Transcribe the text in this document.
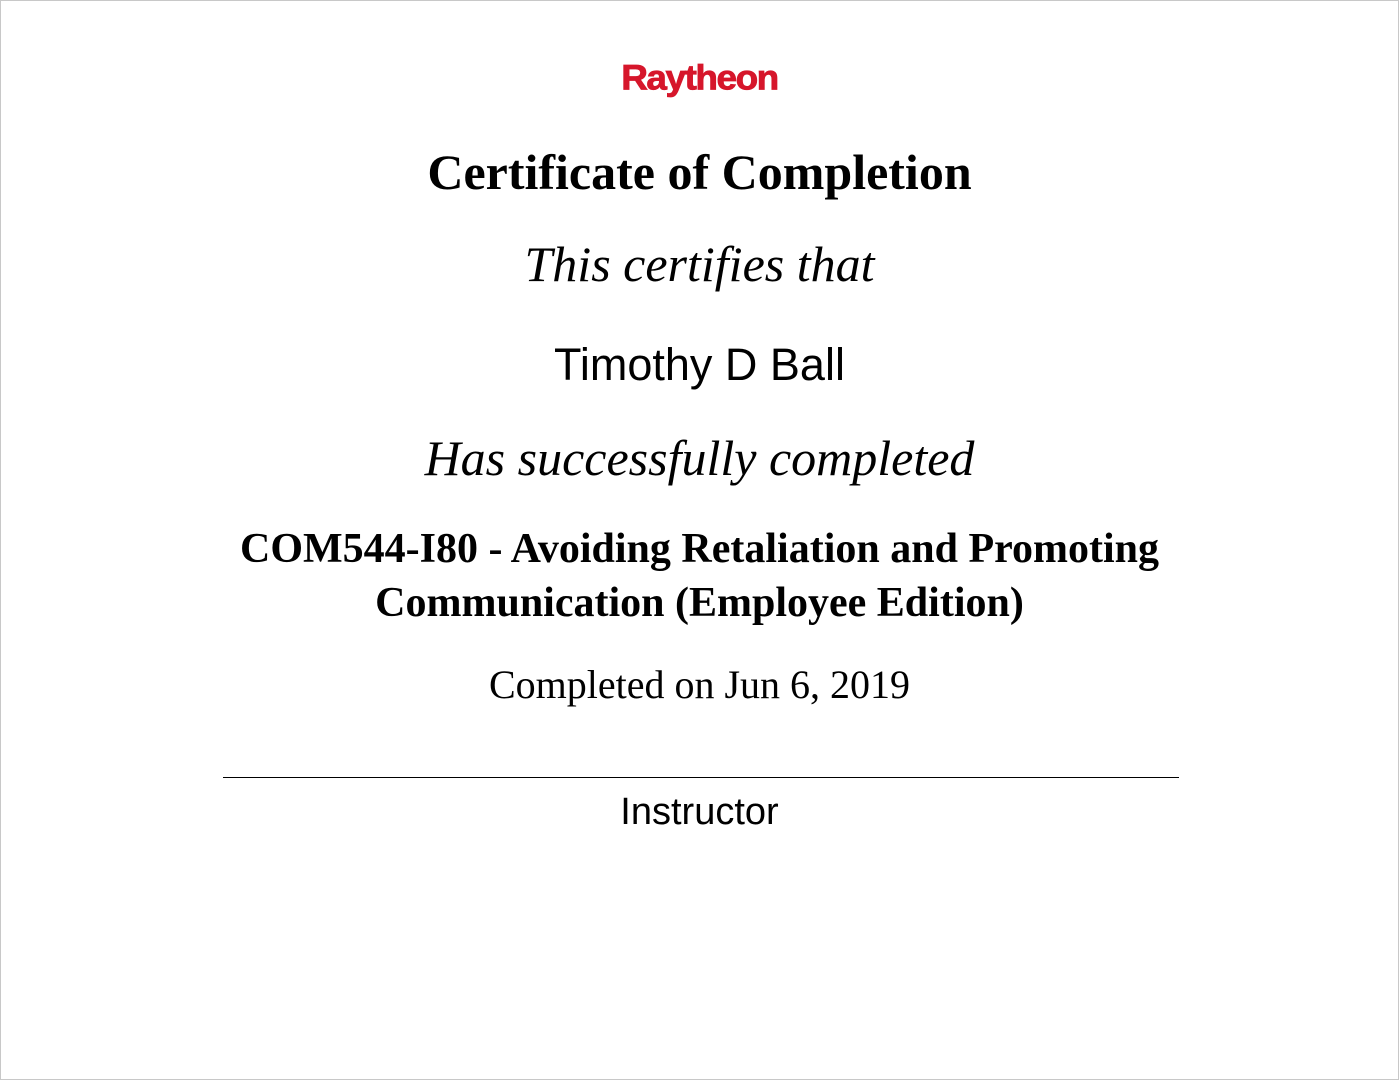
Raytheon
Certificate of Completion
This certifies that
Timothy D Ball
Has successfully completed
COM544-I80 - Avoiding Retaliation and Promoting
Communication (Employee Edition)
Completed on Jun 6, 2019
Instructor
